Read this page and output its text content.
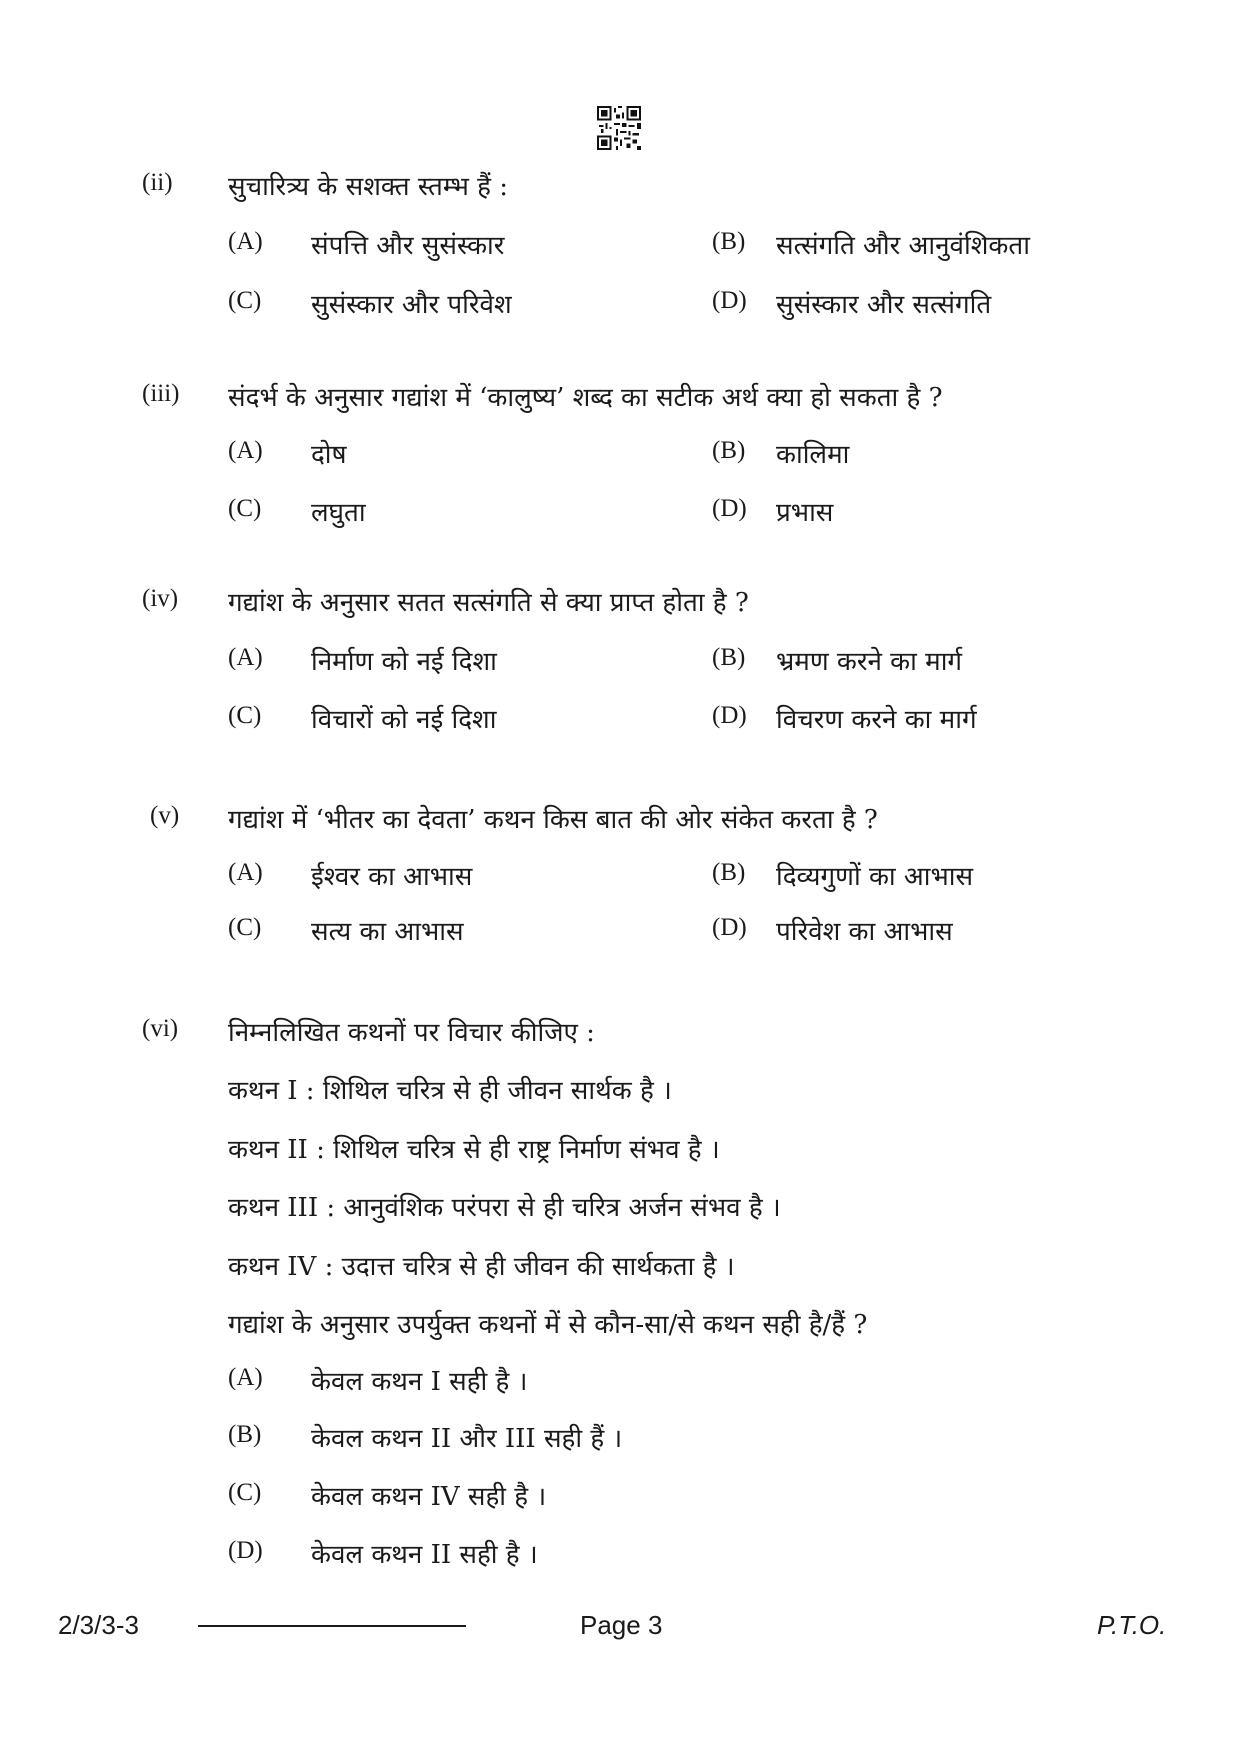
(ii) सुचारित्र्य के सशक्त स्तम्भ हैं :
(A) संपत्ति और सुसंस्कार	(B) सत्संगति और आनुवंशिकता
(C) सुसंस्कार और परिवेश	(D) सुसंस्कार और सत्संगति
(iii) संदर्भ के अनुसार गद्यांश में ‘कालुष्य’ शब्द का सटीक अर्थ क्या हो सकता है ?
(A) दोष	(B) कालिमा
(C) लघुता	(D) प्रभास
(iv) गद्यांश के अनुसार सतत सत्संगति से क्या प्राप्त होता है ?
(A) निर्माण को नई दिशा	(B) भ्रमण करने का मार्ग
(C) विचारों को नई दिशा	(D) विचरण करने का मार्ग
(v) गद्यांश में ‘भीतर का देवता’ कथन किस बात की ओर संकेत करता है ?
(A) ईश्वर का आभास	(B) दिव्यगुणों का आभास
(C) सत्य का आभास	(D) परिवेश का आभास
(vi) निम्नलिखित कथनों पर विचार कीजिए :
कथन I : शिथिल चरित्र से ही जीवन सार्थक है ।
कथन II : शिथिल चरित्र से ही राष्ट्र निर्माण संभव है ।
कथन III : आनुवंशिक परंपरा से ही चरित्र अर्जन संभव है ।
कथन IV : उदात्त चरित्र से ही जीवन की सार्थकता है ।
गद्यांश के अनुसार उपर्युक्त कथनों में से कौन-सा/से कथन सही है/हैं ?
(A) केवल कथन I सही है ।
(B) केवल कथन II और III सही हैं ।
(C) केवल कथन IV सही है ।
(D) केवल कथन II सही है ।
2/3/3-3	Page 3	P.T.O.
